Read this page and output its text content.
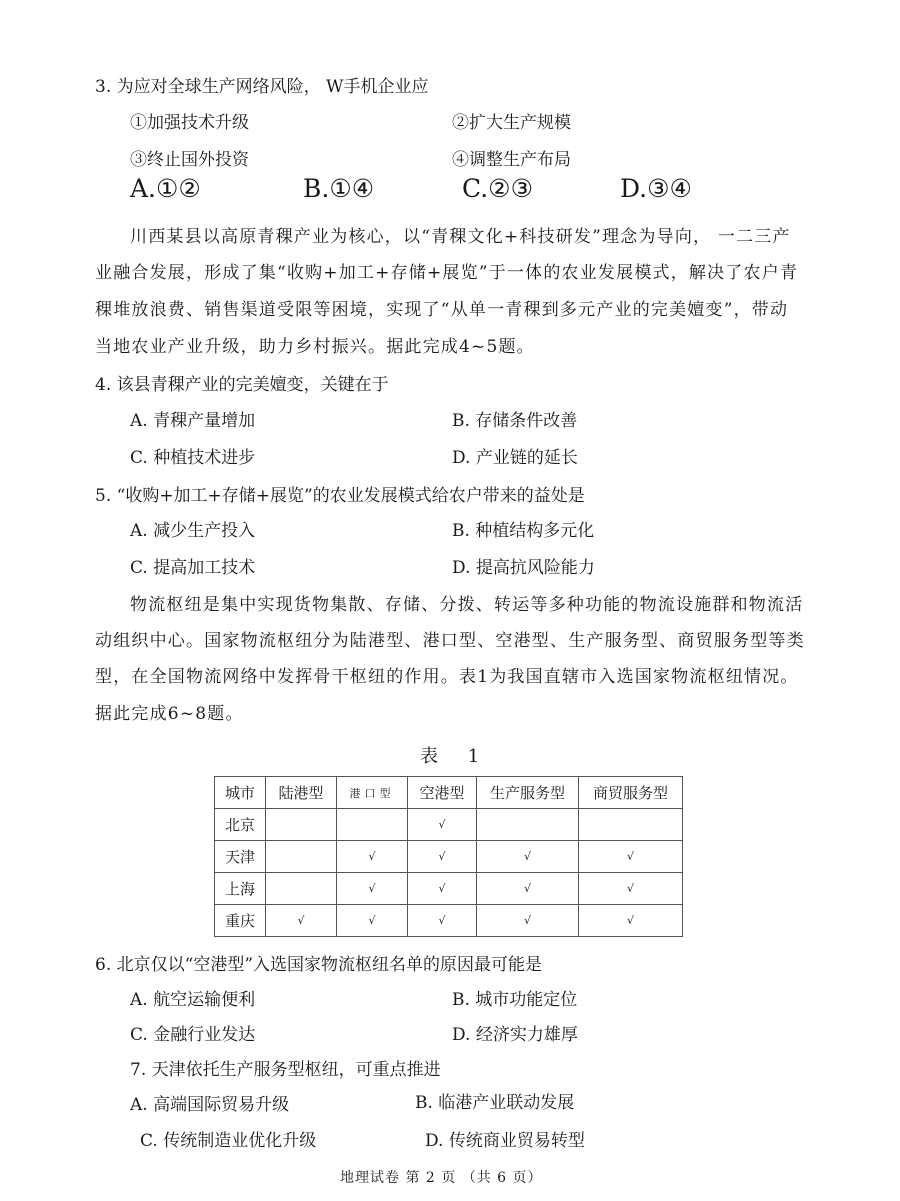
3. 为应对全球生产网络风险， W手机企业应
①加强技术升级	②扩大生产规模
③终止国外投资	④调整生产布局
A.①②	B.①④	C.②③	D.③④
川西某县以高原青稞产业为核心，以“青稞文化+科技研发”理念为导向， 一二三产
业融合发展，形成了集“收购+加工+存储+展览”于一体的农业发展模式，解决了农户青
稞堆放浪费、销售渠道受限等困境，实现了“从单一青稞到多元产业的完美嬗变”，带动
当地农业产业升级，助力乡村振兴。据此完成4~5题。
4. 该县青稞产业的完美嬗变，关键在于
A. 青稞产量增加	B. 存储条件改善
C. 种植技术进步	D. 产业链的延长
5. “收购+加工+存储+展览”的农业发展模式给农户带来的益处是
A. 减少生产投入	B. 种植结构多元化
C. 提高加工技术	D. 提高抗风险能力
物流枢纽是集中实现货物集散、存储、分拨、转运等多种功能的物流设施群和物流活
动组织中心。国家物流枢纽分为陆港型、港口型、空港型、生产服务型、商贸服务型等类
型，在全国物流网络中发挥骨干枢纽的作用。表1为我国直辖市入选国家物流枢纽情况。
据此完成6~8题。
表 1
城市	陆港型	港口型	空港型	生产服务型	商贸服务型
北京			√		
天津		√	√	√	√
上海		√	√	√	√
重庆	√	√	√	√	√
6. 北京仅以“空港型”入选国家物流枢纽名单的原因最可能是
A. 航空运输便利	B. 城市功能定位
C. 金融行业发达	D. 经济实力雄厚
7. 天津依托生产服务型枢纽，可重点推进
A. 高端国际贸易升级	B. 临港产业联动发展
C. 传统制造业优化升级	D. 传统商业贸易转型
地理试卷 第 2 页 （共 6 页）
